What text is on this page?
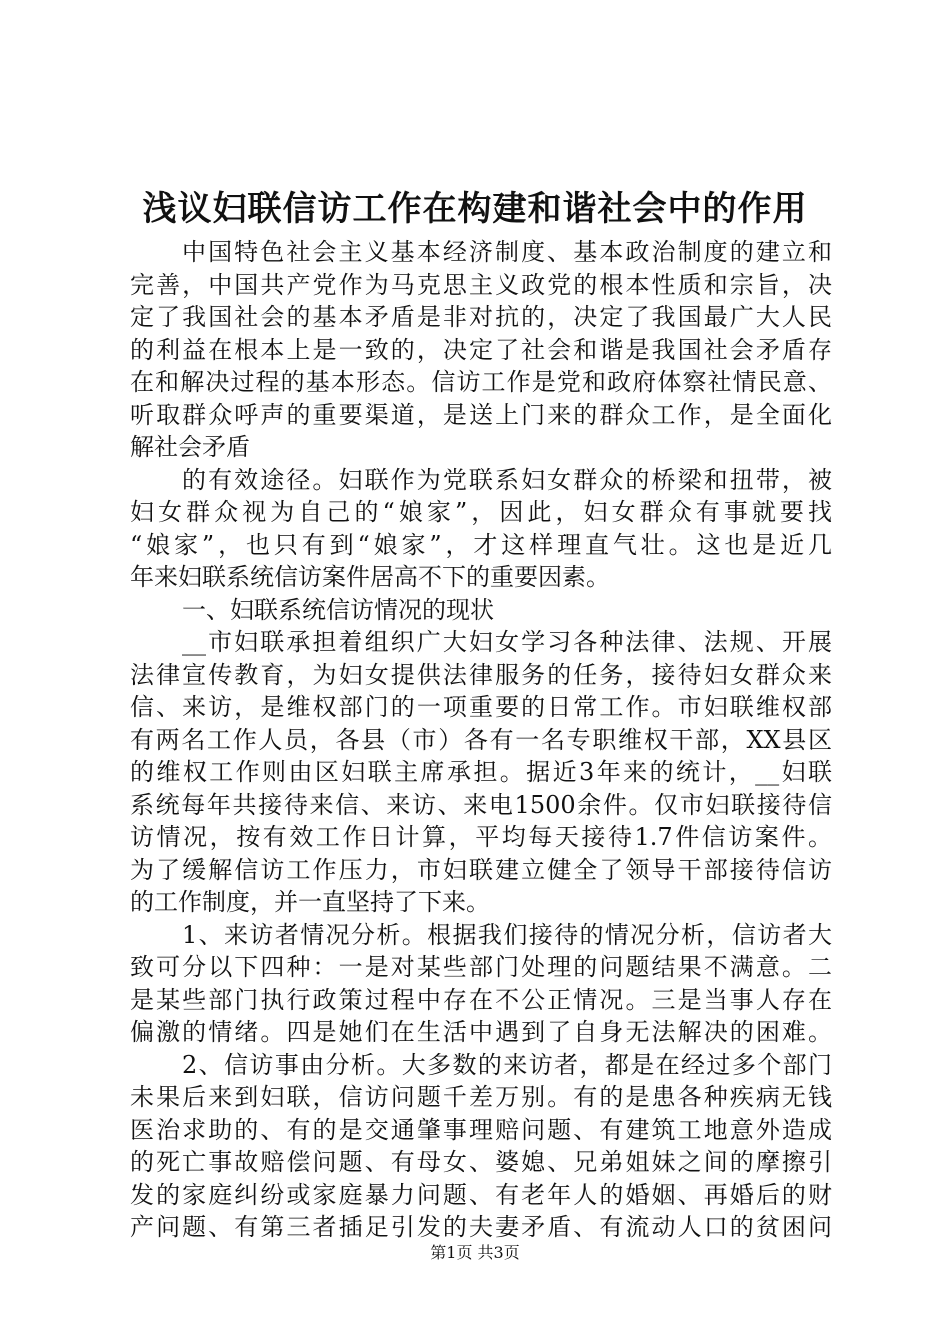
浅议妇联信访工作在构建和谐社会中的作用
中国特色社会主义基本经济制度、基本政治制度的建立和
完善，中国共产党作为马克思主义政党的根本性质和宗旨，决
定了我国社会的基本矛盾是非对抗的，决定了我国最广大人民
的利益在根本上是一致的，决定了社会和谐是我国社会矛盾存
在和解决过程的基本形态。信访工作是党和政府体察社情民意、
听取群众呼声的重要渠道，是送上门来的群众工作，是全面化
解社会矛盾
的有效途径。妇联作为党联系妇女群众的桥梁和扭带，被
妇女群众视为自己的“娘家”，因此，妇女群众有事就要找
“娘家”，也只有到“娘家”，才这样理直气壮。这也是近几
年来妇联系统信访案件居高不下的重要因素。
一、妇联系统信访情况的现状
__市妇联承担着组织广大妇女学习各种法律、法规、开展
法律宣传教育，为妇女提供法律服务的任务，接待妇女群众来
信、来访，是维权部门的一项重要的日常工作。市妇联维权部
有两名工作人员，各县（市）各有一名专职维权干部，XX县区
的维权工作则由区妇联主席承担。据近3年来的统计，__妇联
系统每年共接待来信、来访、来电1500余件。仅市妇联接待信
访情况，按有效工作日计算，平均每天接待1.7件信访案件。
为了缓解信访工作压力，市妇联建立健全了领导干部接待信访
的工作制度，并一直坚持了下来。
1、来访者情况分析。根据我们接待的情况分析，信访者大
致可分以下四种：一是对某些部门处理的问题结果不满意。二
是某些部门执行政策过程中存在不公正情况。三是当事人存在
偏激的情绪。四是她们在生活中遇到了自身无法解决的困难。
2、信访事由分析。大多数的来访者，都是在经过多个部门
未果后来到妇联，信访问题千差万别。有的是患各种疾病无钱
医治求助的、有的是交通肇事理赔问题、有建筑工地意外造成
的死亡事故赔偿问题、有母女、婆媳、兄弟姐妹之间的摩擦引
发的家庭纠纷或家庭暴力问题、有老年人的婚姻、再婚后的财
产问题、有第三者插足引发的夫妻矛盾、有流动人口的贫困问
第1页 共3页
